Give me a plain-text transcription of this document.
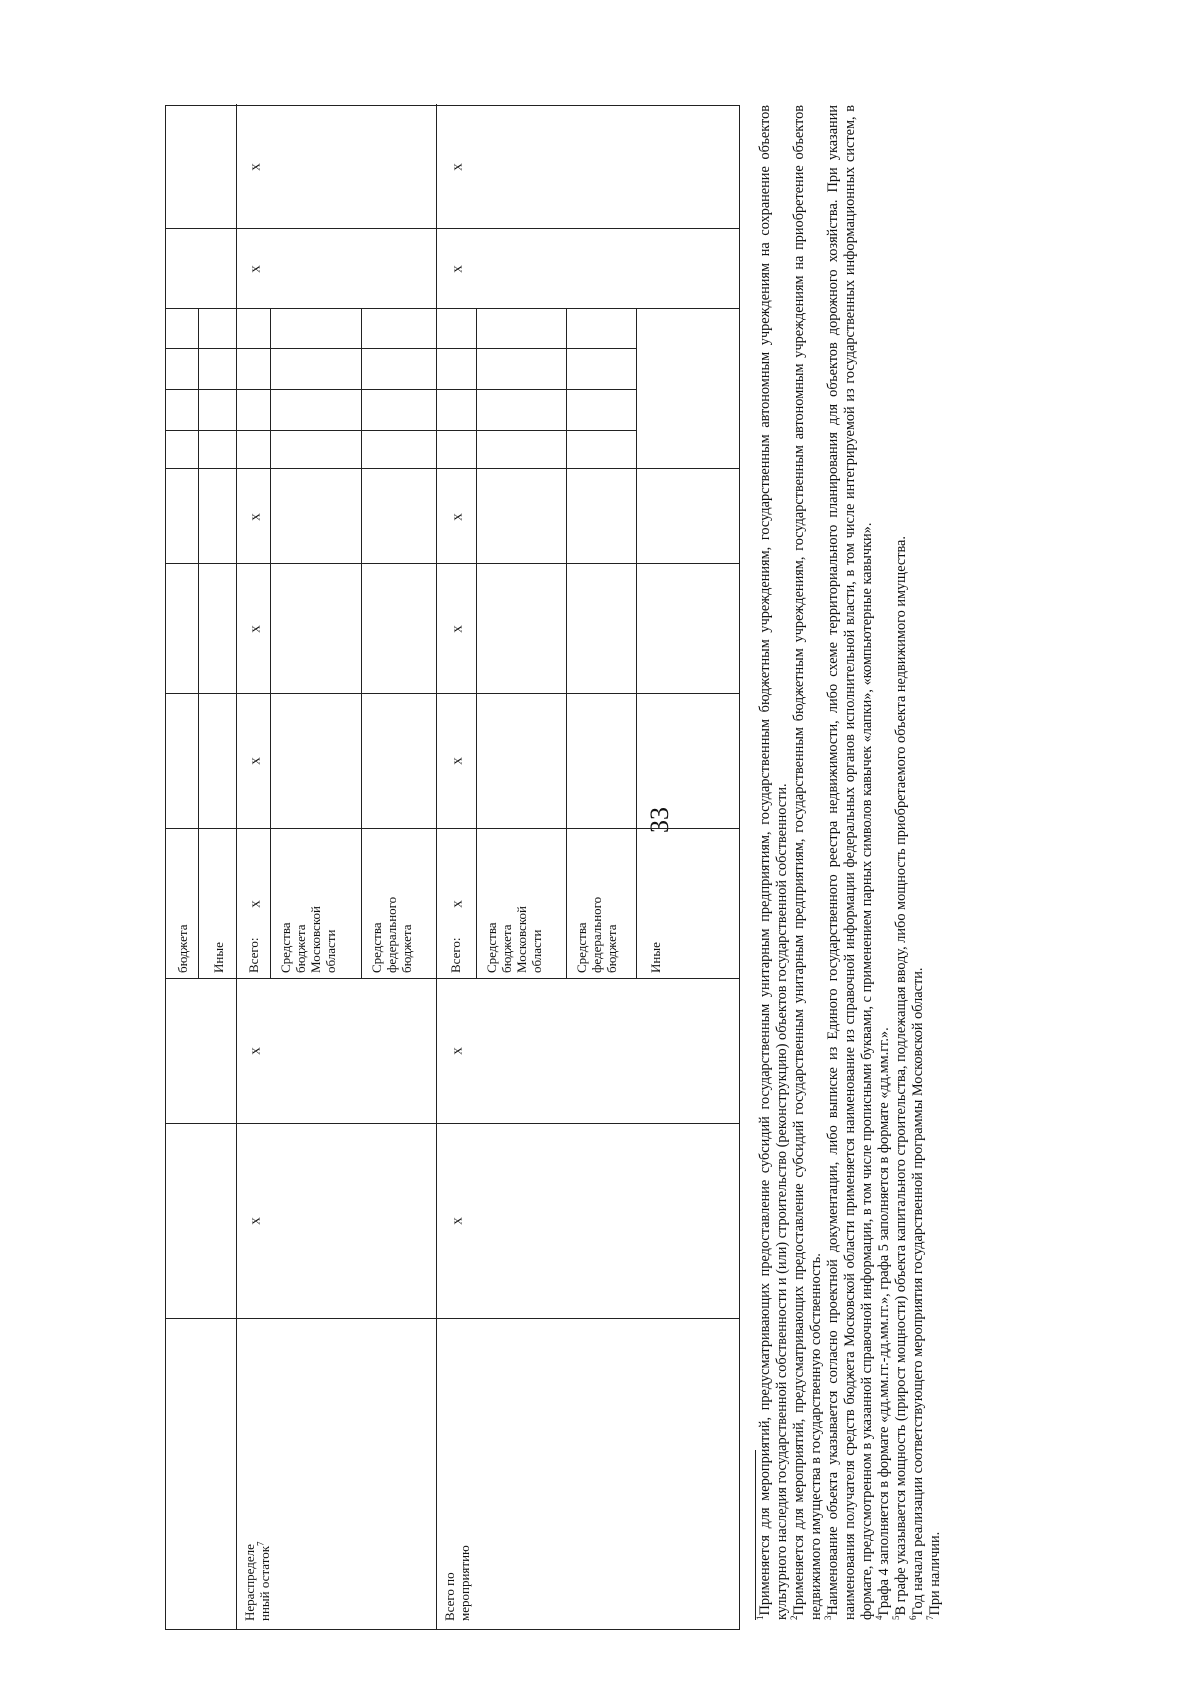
33
Нераспределе нный остаток$^7$
Всего по мероприятию
бюджета Иные Всего: Средства бюджета Московской области Средства федерального бюджета	Всего: Средства бюджета Московской области Средства федерального бюджета Иные
х
х
х
х
х
х
х
х
х
х
х
х
х
х
х
х

$^1$Применяется для мероприятий, предусматривающих предоставление субсидий государственным унитарным предприятиям, государственным бюджетным учреждениям, государственным автономным учреждениям на сохранение объектов культурного наследия государственной собственности и (или) строительство (реконструкцию) объектов государственной собственности. $^2$Применяется для мероприятий, предусматривающих предоставление субсидий государственным унитарным предприятиям, государственным бюджетным учреждениям, государственным автономным учреждениям на приобретение объектов недвижимого имущества в государственную собственность. $^3$Наименование объекта указывается согласно проектной документации, либо выписке из Единого государственного реестра недвижимости, либо схеме территориального планирования для объектов дорожного хозяйства. При указании наименования получателя средств бюджета Московской области применяется наименование из справочной информации федеральных органов исполнительной власти, в том числе интегрируемой из государственных информационных систем, в формате, предусмотренном в указанной справочной информации, в том числе прописными буквами, с применением парных символов кавычек «лапки», «компьютерные кавычки». $^4$Графа 4 заполняется в формате «дд.мм.гг.-дд.мм.гг.», графа 5 заполняется в формате «дд.мм.гг.».

$^5$В графе указывается мощность (прирост мощности) объекта капитального строительства, подлежащая вводу, либо мощность приобретаемого объекта недвижимого имущества.

$^6$Год начала реализации соответствующего мероприятия государственной программы Московской области.

$^7$При наличии.
